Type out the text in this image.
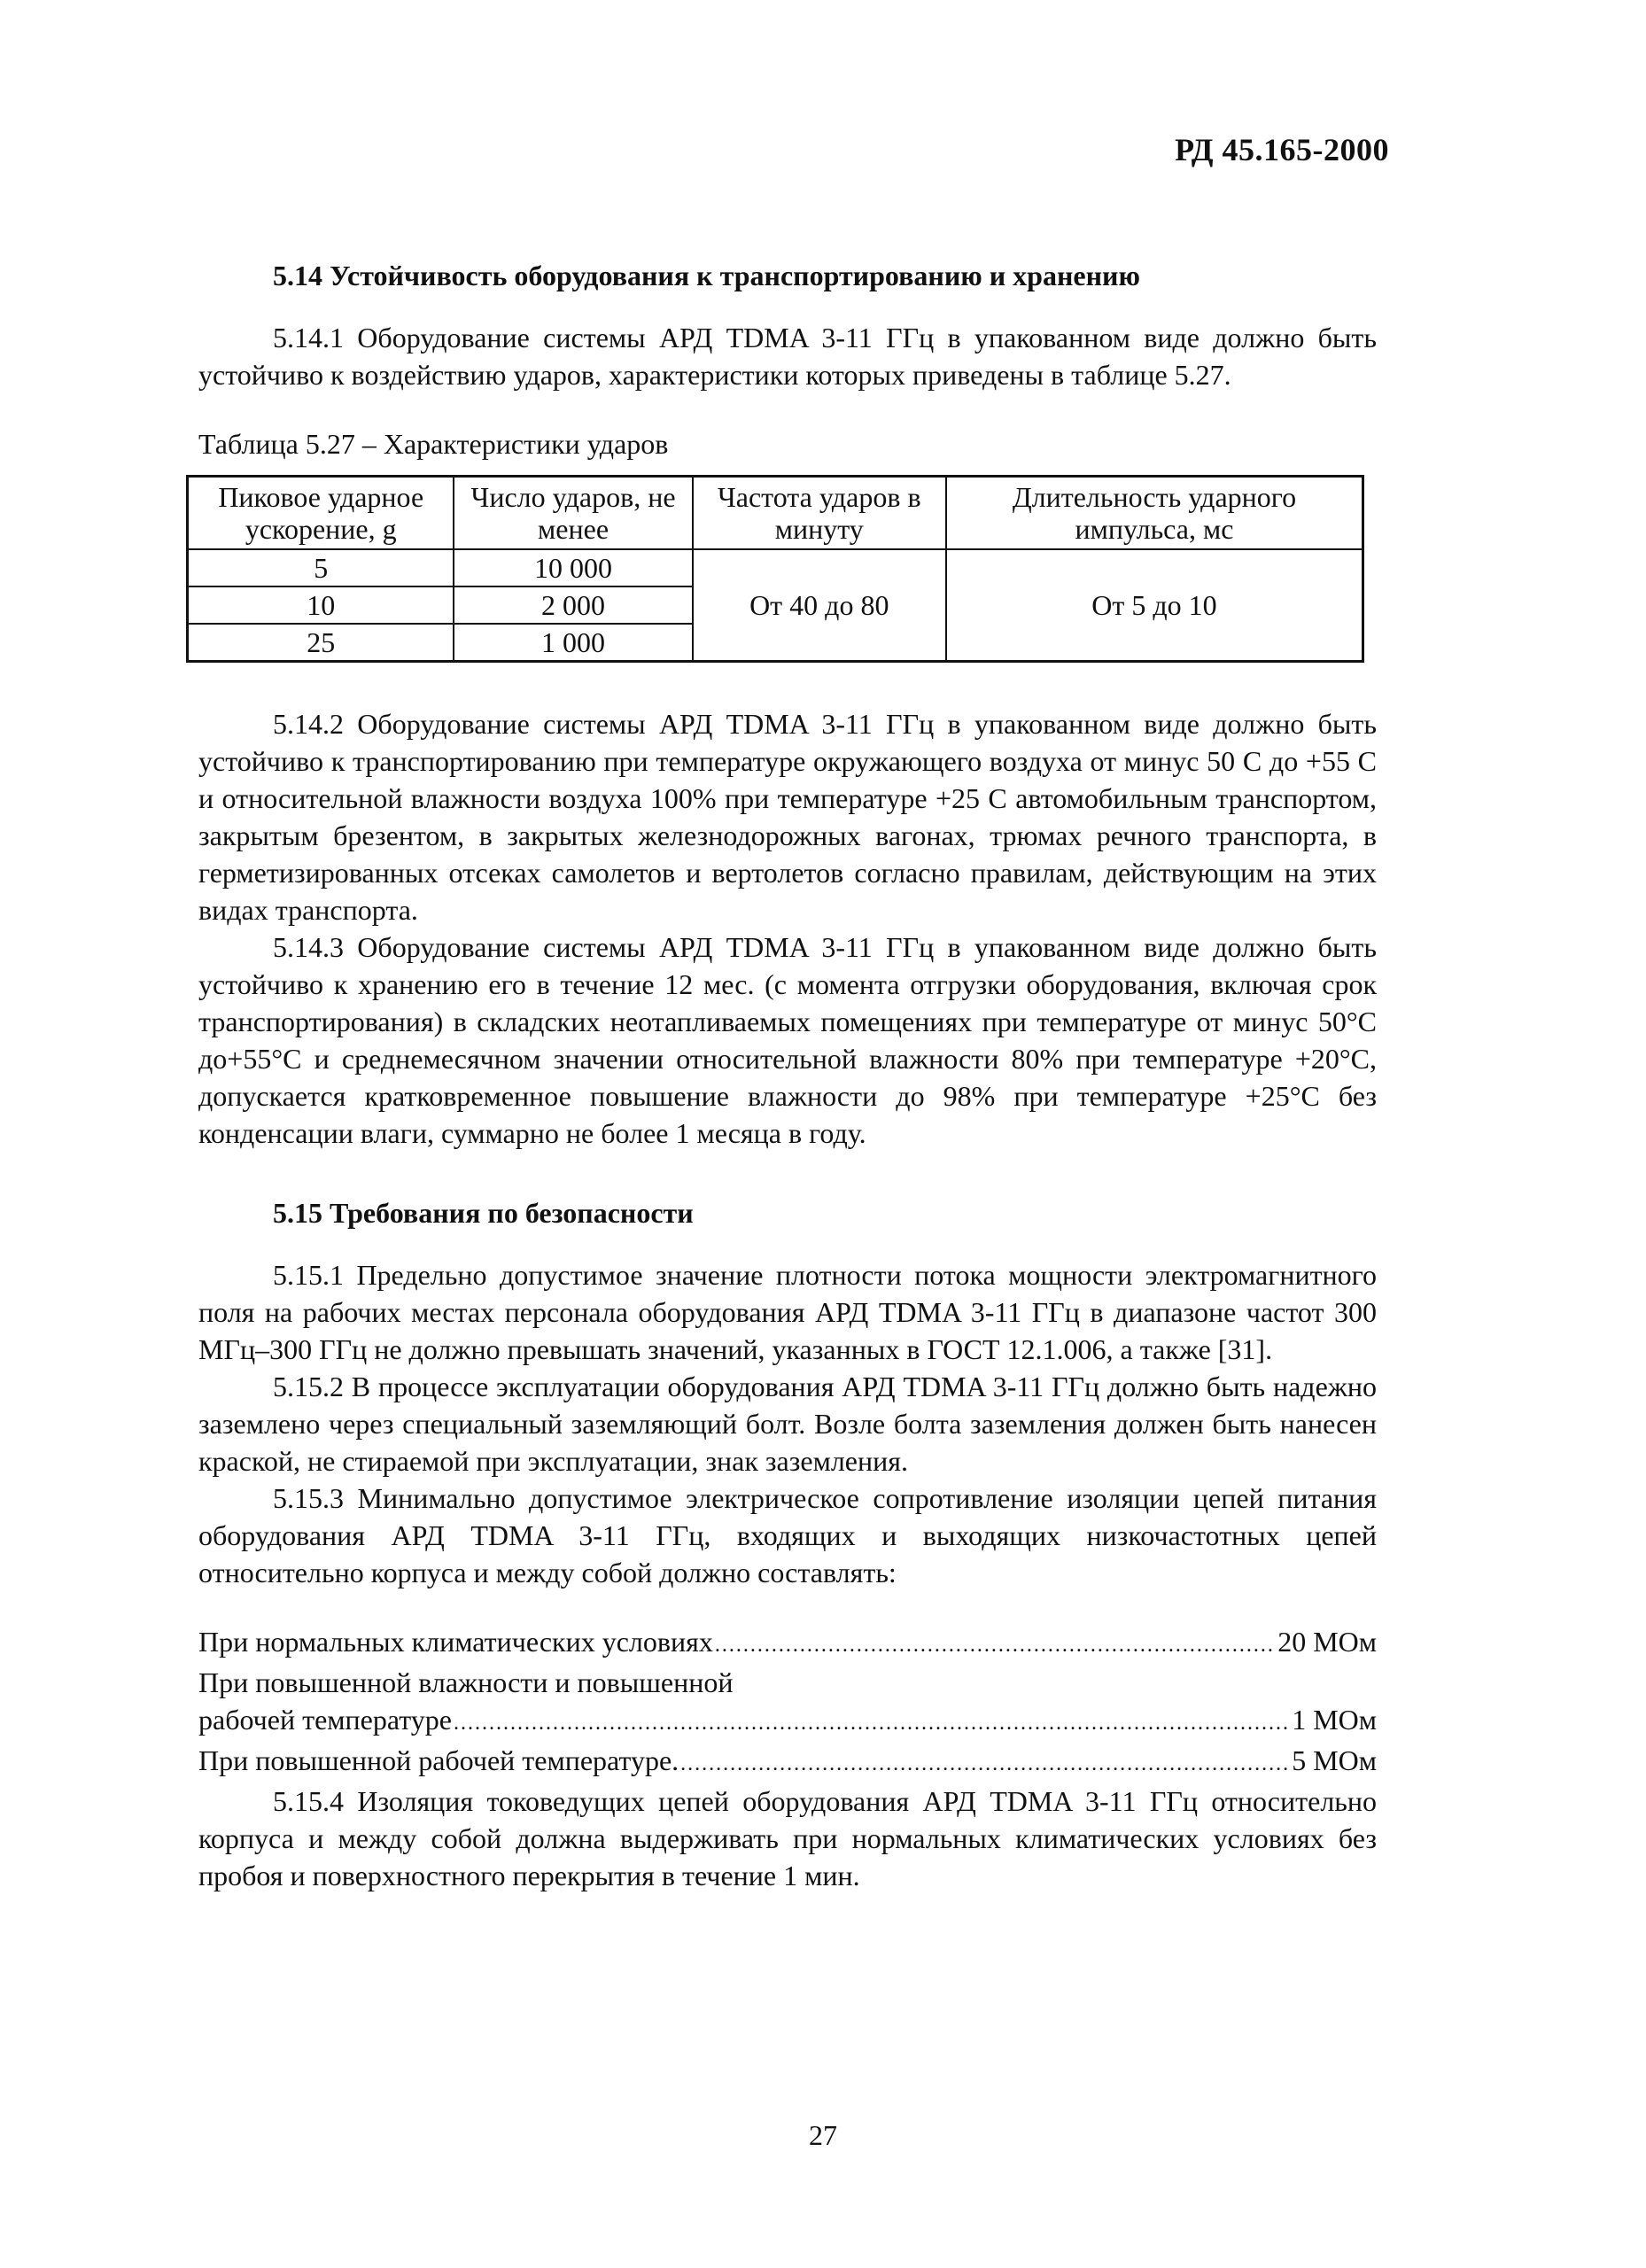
РД 45.165-2000
5.14 Устойчивость оборудования к транспортированию и хранению

5.14.1 Оборудование системы АРД TDMA 3-11 ГГц в упакованном виде должно быть устойчиво к воздействию ударов, характеристики которых приведены в таблице 5.27.

Таблица 5.27 – Характеристики ударов
Пиковое ударное ускорение, g	Число ударов, не менее	Частота ударов в минуту	Длительность ударного импульса, мс
5	10 000	От 40 до 80	От 5 до 10
10	2 000		
25	1 000		

5.14.2 Оборудование системы АРД TDMA 3-11 ГГц в упакованном виде должно быть устойчиво к транспортированию при температуре окружающего воздуха от минус 50 С до +55 С и относительной влажности воздуха 100% при температуре +25 С автомобильным транспортом, закрытым брезентом, в закрытых железнодорожных вагонах, трюмах речного транспорта, в герметизированных отсеках самолетов и вертолетов согласно правилам, действующим на этих видах транспорта.

5.14.3 Оборудование системы АРД TDMA 3-11 ГГц в упакованном виде должно быть устойчиво к хранению его в течение 12 мес. (с момента отгрузки оборудования, включая срок транспортирования) в складских неотапливаемых помещениях при температуре от минус 50°С до+55°С и среднемесячном значении относительной влажности 80% при температуре +20°С, допускается кратковременное повышение влажности до 98% при температуре +25°С без конденсации влаги, суммарно не более 1 месяца в году.

5.15 Требования по безопасности

5.15.1 Предельно допустимое значение плотности потока мощности электромагнитного поля на рабочих местах персонала оборудования АРД TDMA 3-11 ГГц в диапазоне частот 300 МГц–300 ГГц не должно превышать значений, указанных в ГОСТ 12.1.006, а также [31].

5.15.2 В процессе эксплуатации оборудования АРД TDMA 3-11 ГГц должно быть надежно заземлено через специальный заземляющий болт. Возле болта заземления должен быть нанесен краской, не стираемой при эксплуатации, знак заземления.

5.15.3 Минимально допустимое электрическое сопротивление изоляции цепей питания оборудования АРД TDMA 3-11 ГГц, входящих и выходящих низкочастотных цепей относительно корпуса и между собой должно составлять:

При нормальных климатических условиях . . .	20 МОм
При повышенной влажности и повышенной
рабочей температуре . . .	1 МОм
При повышенной рабочей температуре. . . .	5 МОм

5.15.4 Изоляция токоведущих цепей оборудования АРД TDMA 3-11 ГГц относительно корпуса и между собой должна выдерживать при нормальных климатических условиях без пробоя и поверхностного перекрытия в течение 1 мин.

27
